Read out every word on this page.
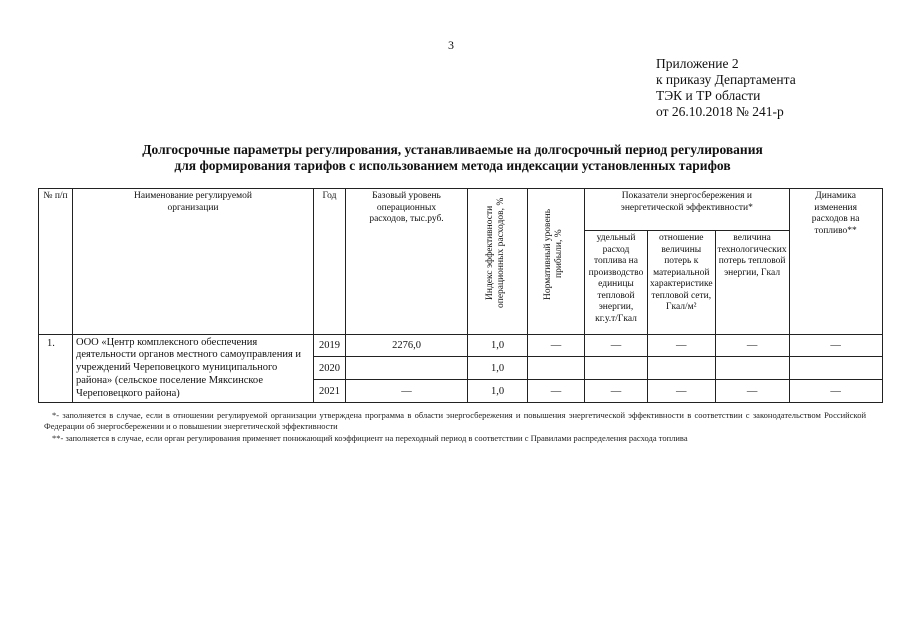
3
Приложение 2
к приказу Департамента
ТЭК и ТР области
от 26.10.2018 № 241-р
Долгосрочные параметры регулирования, устанавливаемые на долгосрочный период регулирования
для формирования тарифов с использованием метода индексации установленных тарифов
№ п/п	Наименование регулируемой организации	Год	Базовый уровень операционных расходов, тыс.руб.	Индекс эффективности операционных расходов, %	Нормативный уровень прибыли, %	Показатели энергосбережения и энергетической эффективности*			Динамика изменения расходов на топливо**
						удельный расход топлива на производство единицы тепловой энергии, кг.у.т/Гкал	отношение величины потерь к материальной характеристике тепловой сети, Гкал/м²	величина технологических потерь тепловой энергии, Гкал	
1.	ООО «Центр комплексного обеспечения деятельности органов местного самоуправления и учреждений Череповецкого муниципального района» (сельское поселение Мяксинское Череповецкого района)	2019	2276,0	1,0	—	—	—	—	—
		2020		1,0					
		2021	—	1,0	—	—	—	—	—
*- заполняется в случае, если в отношении регулируемой организации утверждена программа в области энергосбережения и повышения энергетической эффективности в соответствии с законодательством Российской Федерации об энергосбережении и о повышении энергетической эффективности
**- заполняется в случае, если орган регулирования применяет понижающий коэффициент на переходный период в соответствии с Правилами распределения расхода топлива
